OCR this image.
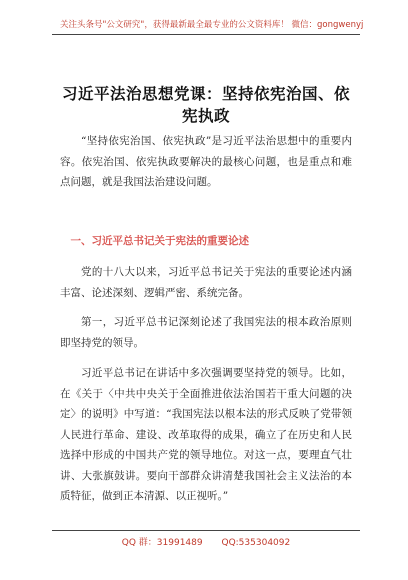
关注头条号"公文研究"，获得最新最全最专业的公文资料库！ 微信：gongwenyj
习近平法治思想党课：坚持依宪治国、依宪执政
“坚持依宪治国、依宪执政”是习近平法治思想中的重要内容。依宪治国、依宪执政要解决的最核心问题，也是重点和难点问题，就是我国法治建设问题。
一、习近平总书记关于宪法的重要论述
党的十八大以来，习近平总书记关于宪法的重要论述内涵丰富、论述深刻、逻辑严密、系统完备。
第一，习近平总书记深刻论述了我国宪法的根本政治原则即坚持党的领导。
习近平总书记在讲话中多次强调要坚持党的领导。比如，在《关于〈中共中央关于全面推进依法治国若干重大问题的决定〉的说明》中写道：“我国宪法以根本法的形式反映了党带领人民进行革命、建设、改革取得的成果，确立了在历史和人民选择中形成的中国共产党的领导地位。对这一点，要理直气壮讲、大张旗鼓讲。要向干部群众讲清楚我国社会主义法治的本质特征，做到正本清源、以正视听。”
QQ 群：31991489 QQ:535304092
